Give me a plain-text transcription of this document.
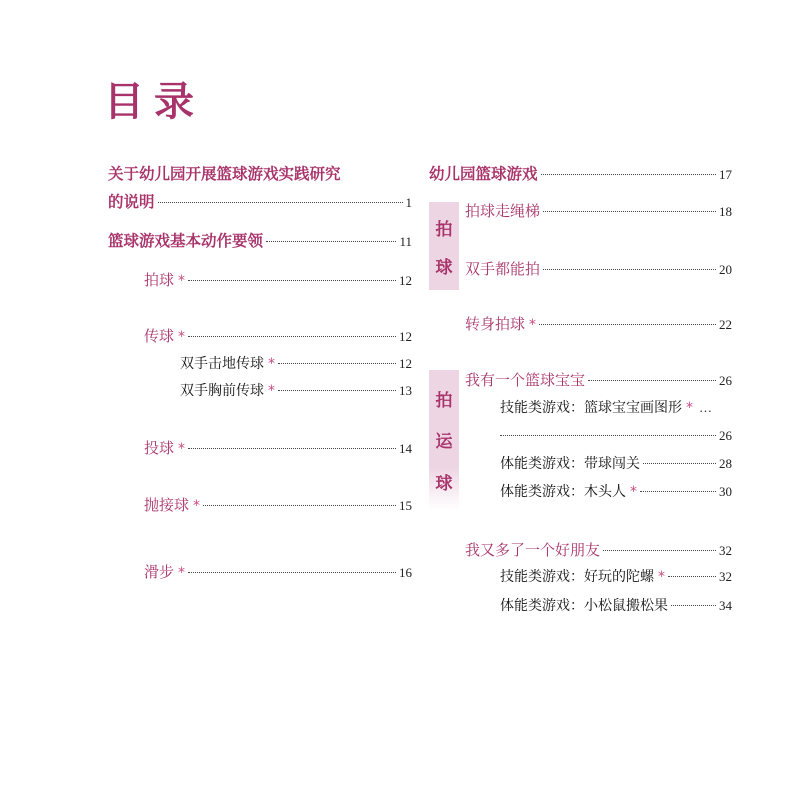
目录
关于幼儿园开展篮球游戏实践研究
的说明	1
篮球游戏基本动作要领	11
拍球 *	12
传球 *	12
双手击地传球 *	12
双手胸前传球 *	13
投球 *	14
抛接球 *	15
滑步 *	16
幼儿园篮球游戏	17
拍
球
拍
运
球
拍球走绳梯	18
双手都能拍	20
转身拍球 *	22
我有一个篮球宝宝	26
技能类游戏：篮球宝宝画图形 * …
26
体能类游戏：带球闯关	28
体能类游戏：木头人 *	30
我又多了一个好朋友	32
技能类游戏：好玩的陀螺 *	32
体能类游戏：小松鼠搬松果	34
